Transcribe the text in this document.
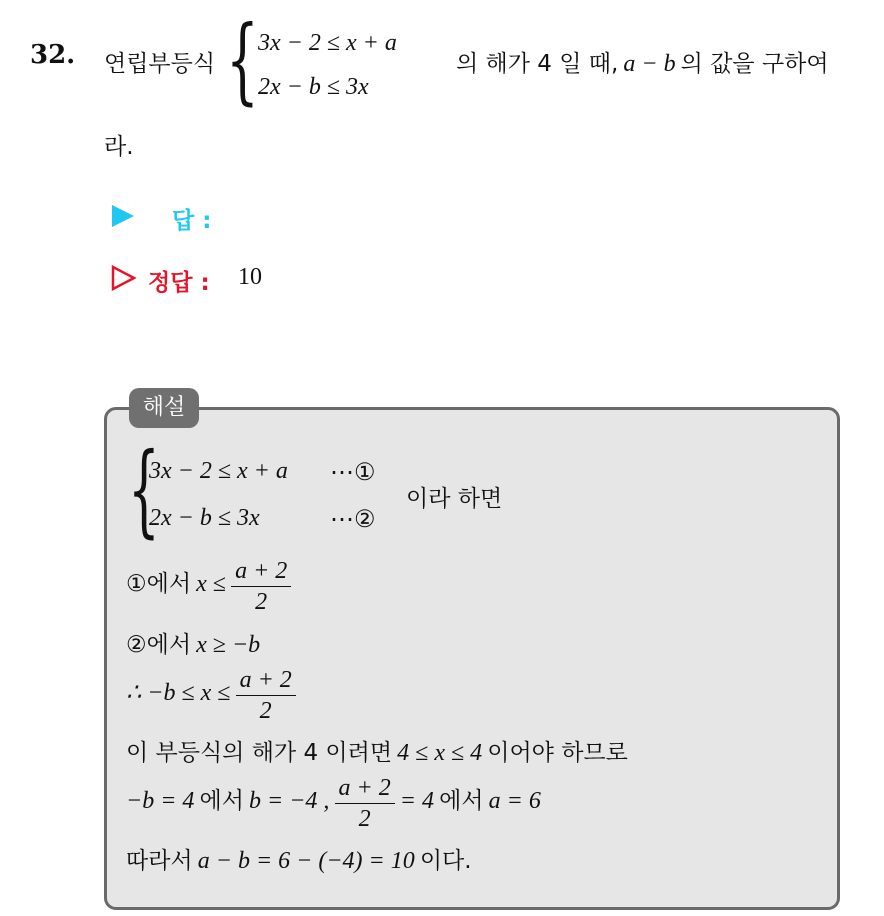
32. 연립부등식 { 3x − 2 ≤ x + a
2x − b ≤ 3x
의 해가 4 일 때, a − b 의 값을 구하여
라.
답 :
정답 : 10
해설
{
3x − 2 ≤ x + a ⋯①
2x − b ≤ 3x	⋯②
이라 하면
①에서 $x \le \frac{a + 2}{2}$
②에서 x ≥ −b
∴ $-b \le x \le \frac{a + 2}{2}$
이 부등식의 해가 4 이려면 4 ≤ x ≤ 4 이어야 하므로
−b = 4 에서 b = −4 , $\frac{a + 2}{2} = 4$ 에서 a = 6
따라서 a − b = 6 − (−4) = 10 이다.
